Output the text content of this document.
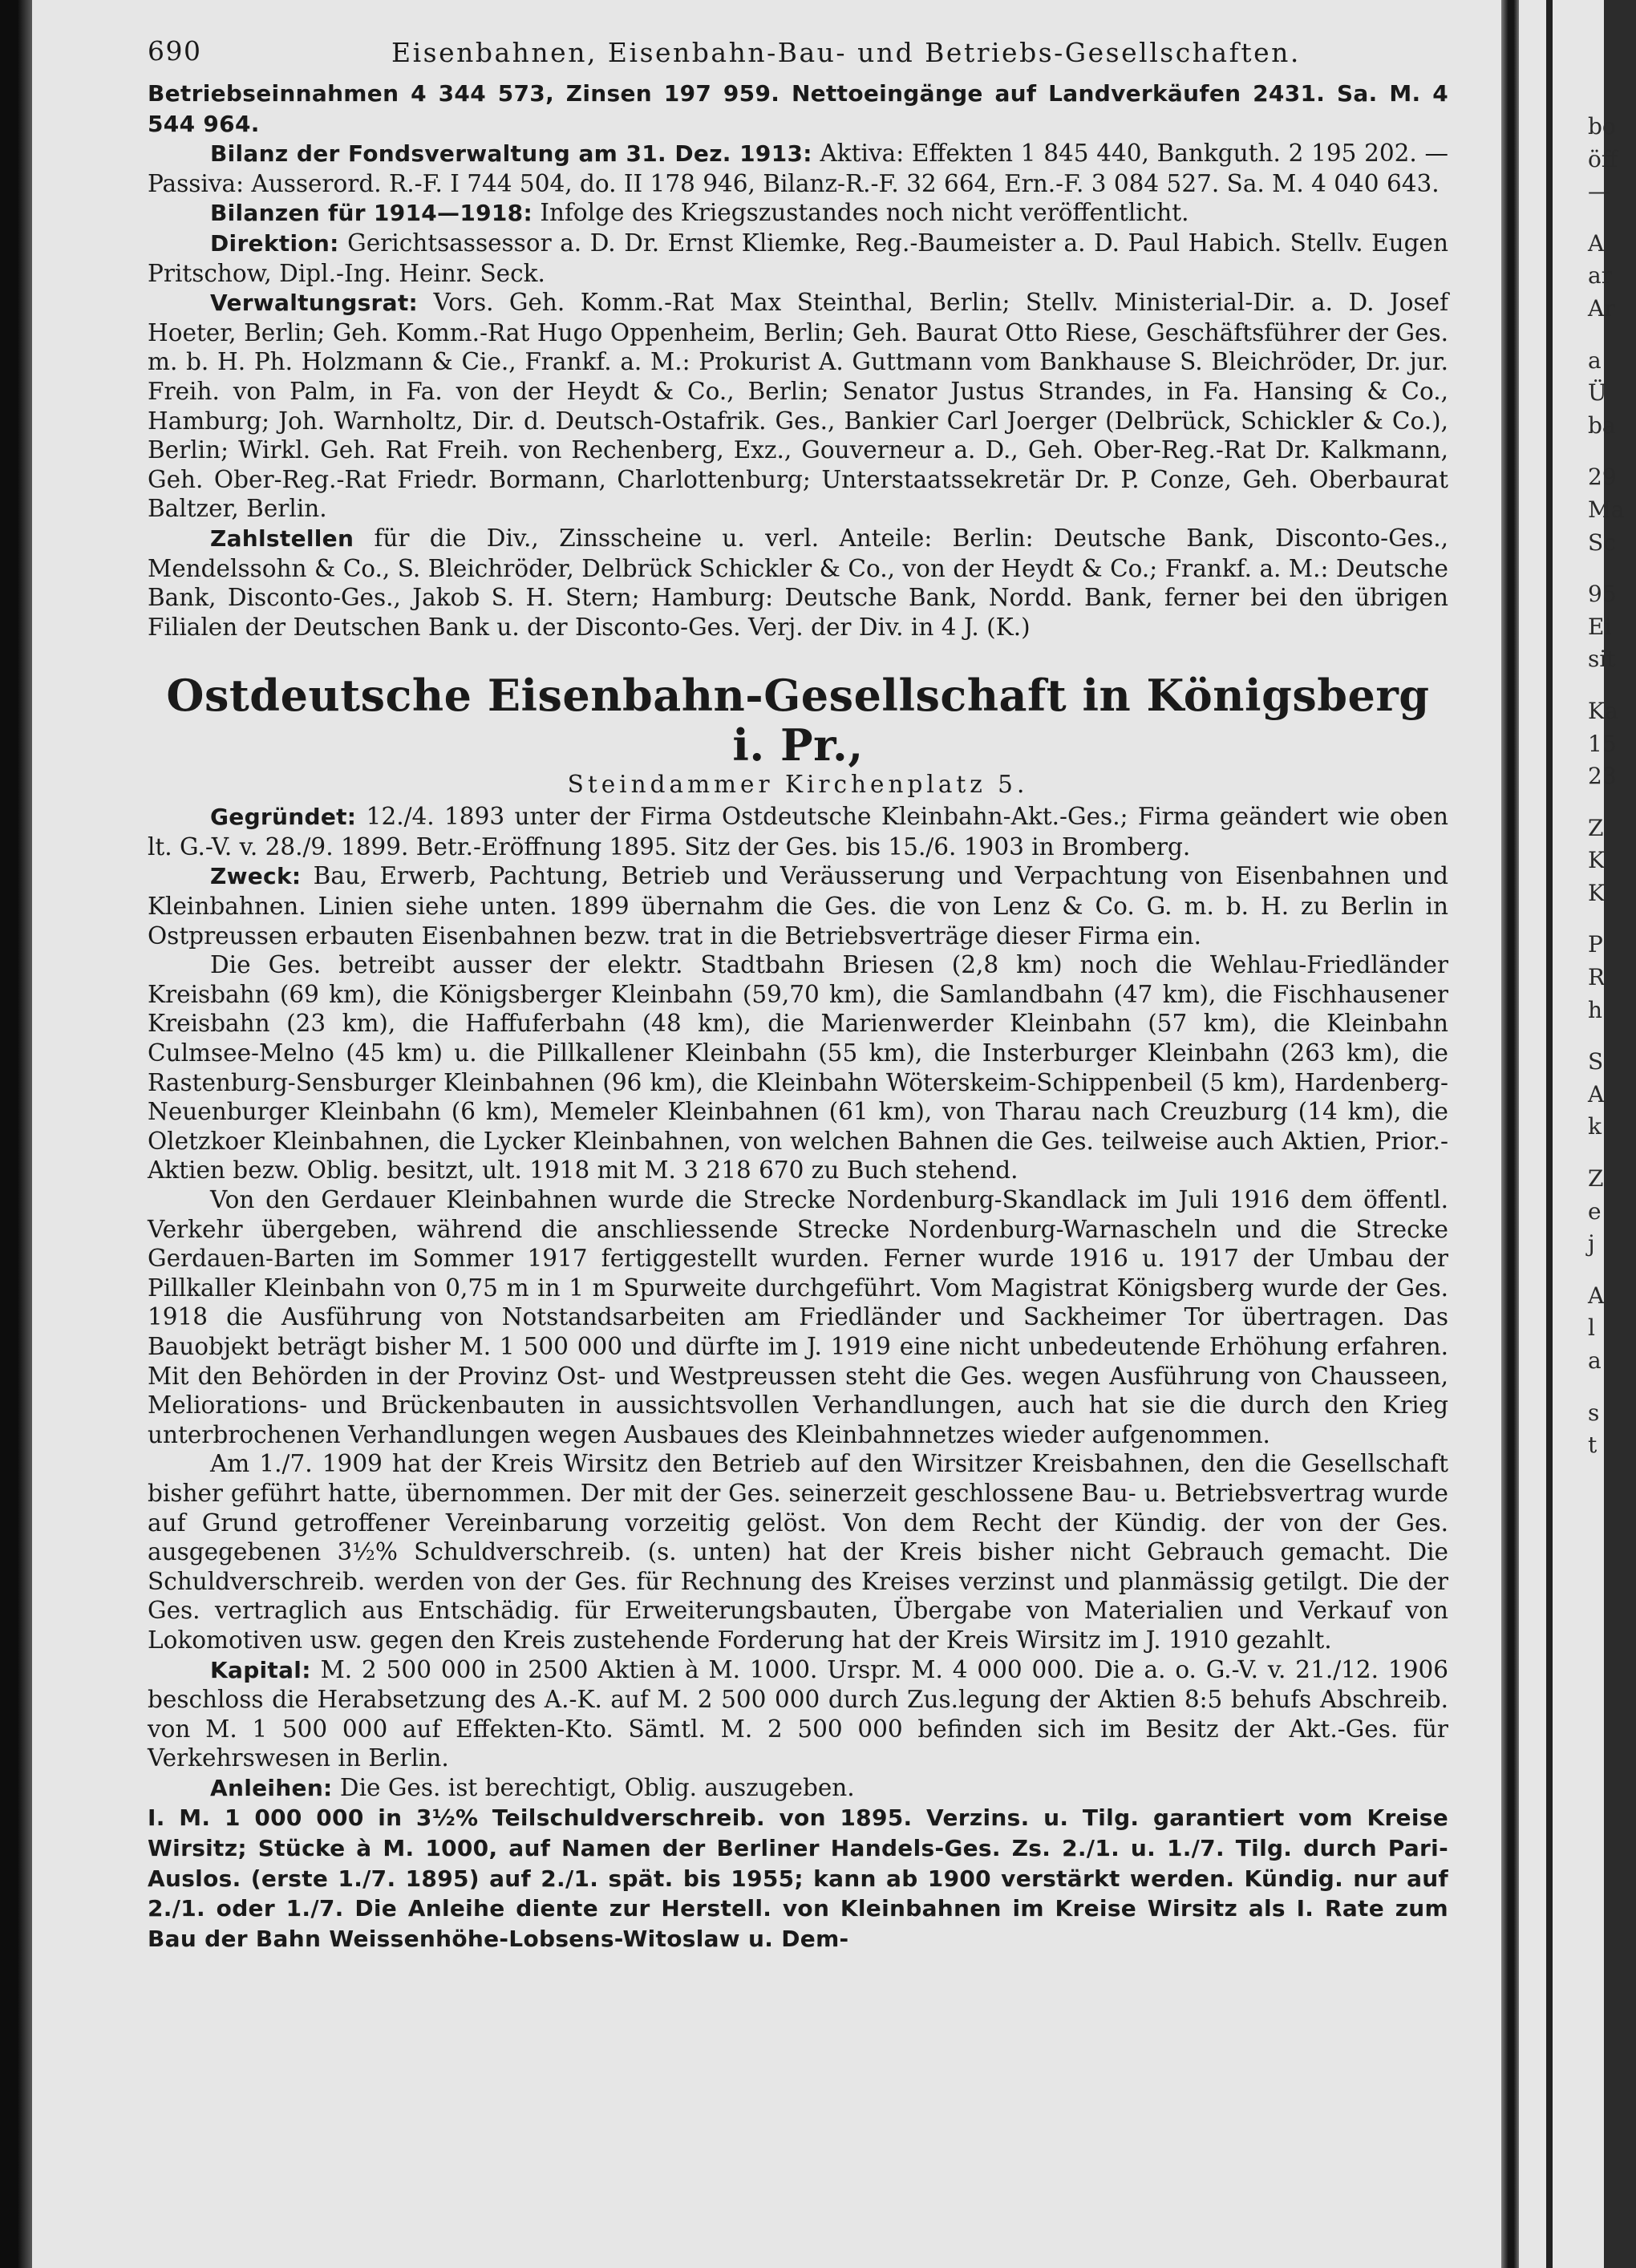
690	Eisenbahnen, Eisenbahn-Bau- und Betriebs-Gesellschaften.

Betriebseinnahmen 4 344 573, Zinsen 197 959. Nettoeingänge auf Landverkäufen 2431. Sa. M. 4 544 964.

Bilanz der Fondsverwaltung am 31. Dez. 1913: Aktiva: Effekten 1 845 440, Bankguth. 2 195 202. — Passiva: Ausserord. R.-F. I 744 504, do. II 178 946, Bilanz-R.-F. 32 664, Ern.-F. 3 084 527. Sa. M. 4 040 643.

Bilanzen für 1914—1918: Infolge des Kriegszustandes noch nicht veröffentlicht.

Direktion: Gerichtsassessor a. D. Dr. Ernst Kliemke, Reg.-Baumeister a. D. Paul Habich. Stellv. Eugen Pritschow, Dipl.-Ing. Heinr. Seck.

Verwaltungsrat: Vors. Geh. Komm.-Rat Max Steinthal, Berlin; Stellv. Ministerial-Dir. a. D. Josef Hoeter, Berlin; Geh. Komm.-Rat Hugo Oppenheim, Berlin; Geh. Baurat Otto Riese, Geschäftsführer der Ges. m. b. H. Ph. Holzmann & Cie., Frankf. a. M.: Prokurist A. Guttmann vom Bankhause S. Bleichröder, Dr. jur. Freih. von Palm, in Fa. von der Heydt & Co., Berlin; Senator Justus Strandes, in Fa. Hansing & Co., Hamburg; Joh. Warnholtz, Dir. d. Deutsch-Ostafrik. Ges., Bankier Carl Joerger (Delbrück, Schickler & Co.), Berlin; Wirkl. Geh. Rat Freih. von Rechenberg, Exz., Gouverneur a. D., Geh. Ober-Reg.-Rat Dr. Kalkmann, Geh. Ober-Reg.-Rat Friedr. Bormann, Charlottenburg; Unterstaatssekretär Dr. P. Conze, Geh. Oberbaurat Baltzer, Berlin.

Zahlstellen für die Div., Zinsscheine u. verl. Anteile: Berlin: Deutsche Bank, Disconto-Ges., Mendelssohn & Co., S. Bleichröder, Delbrück Schickler & Co., von der Heydt & Co.; Frankf. a. M.: Deutsche Bank, Disconto-Ges., Jakob S. H. Stern; Hamburg: Deutsche Bank, Nordd. Bank, ferner bei den übrigen Filialen der Deutschen Bank u. der Disconto-Ges. Verj. der Div. in 4 J. (K.)

Ostdeutsche Eisenbahn-Gesellschaft in Königsberg i. Pr.,
Steindammer Kirchenplatz 5.

Gegründet: 12./4. 1893 unter der Firma Ostdeutsche Kleinbahn-Akt.-Ges.; Firma geändert wie oben lt. G.-V. v. 28./9. 1899. Betr.-Eröffnung 1895. Sitz der Ges. bis 15./6. 1903 in Bromberg.

Zweck: Bau, Erwerb, Pachtung, Betrieb und Veräusserung und Verpachtung von Eisenbahnen und Kleinbahnen. Linien siehe unten. 1899 übernahm die Ges. die von Lenz & Co. G. m. b. H. zu Berlin in Ostpreussen erbauten Eisenbahnen bezw. trat in die Betriebsverträge dieser Firma ein.

Die Ges. betreibt ausser der elektr. Stadtbahn Briesen (2,8 km) noch die Wehlau-Friedländer Kreisbahn (69 km), die Königsberger Kleinbahn (59,70 km), die Samlandbahn (47 km), die Fischhausener Kreisbahn (23 km), die Haffuferbahn (48 km), die Marienwerder Kleinbahn (57 km), die Kleinbahn Culmsee-Melno (45 km) u. die Pillkallener Kleinbahn (55 km), die Insterburger Kleinbahn (263 km), die Rastenburg-Sensburger Kleinbahnen (96 km), die Kleinbahn Wöterskeim-Schippenbeil (5 km), Hardenberg-Neuenburger Kleinbahn (6 km), Memeler Kleinbahnen (61 km), von Tharau nach Creuzburg (14 km), die Oletzkoer Kleinbahnen, die Lycker Kleinbahnen, von welchen Bahnen die Ges. teilweise auch Aktien, Prior.-Aktien bezw. Oblig. besitzt, ult. 1918 mit M. 3 218 670 zu Buch stehend.

Von den Gerdauer Kleinbahnen wurde die Strecke Nordenburg-Skandlack im Juli 1916 dem öffentl. Verkehr übergeben, während die anschliessende Strecke Nordenburg-Warnascheln und die Strecke Gerdauen-Barten im Sommer 1917 fertiggestellt wurden. Ferner wurde 1916 u. 1917 der Umbau der Pillkaller Kleinbahn von 0,75 m in 1 m Spurweite durchgeführt. Vom Magistrat Königsberg wurde der Ges. 1918 die Ausführung von Notstandsarbeiten am Friedländer und Sackheimer Tor übertragen. Das Bauobjekt beträgt bisher M. 1 500 000 und dürfte im J. 1919 eine nicht unbedeutende Erhöhung erfahren. Mit den Behörden in der Provinz Ost- und Westpreussen steht die Ges. wegen Ausführung von Chausseen, Meliorations- und Brückenbauten in aussichtsvollen Verhandlungen, auch hat sie die durch den Krieg unterbrochenen Verhandlungen wegen Ausbaues des Kleinbahnnetzes wieder aufgenommen.

Am 1./7. 1909 hat der Kreis Wirsitz den Betrieb auf den Wirsitzer Kreisbahnen, den die Gesellschaft bisher geführt hatte, übernommen. Der mit der Ges. seinerzeit geschlossene Bau- u. Betriebsvertrag wurde auf Grund getroffener Vereinbarung vorzeitig gelöst. Von dem Recht der Kündig. der von der Ges. ausgegebenen 3½% Schuldverschreib. (s. unten) hat der Kreis bisher nicht Gebrauch gemacht. Die Schuldverschreib. werden von der Ges. für Rechnung des Kreises verzinst und planmässig getilgt. Die der Ges. vertraglich aus Entschädig. für Erweiterungsbauten, Übergabe von Materialien und Verkauf von Lokomotiven usw. gegen den Kreis zustehende Forderung hat der Kreis Wirsitz im J. 1910 gezahlt.

Kapital: M. 2 500 000 in 2500 Aktien à M. 1000. Urspr. M. 4 000 000. Die a. o. G.-V. v. 21./12. 1906 beschloss die Herabsetzung des A.-K. auf M. 2 500 000 durch Zus.legung der Aktien 8:5 behufs Abschreib. von M. 1 500 000 auf Effekten-Kto. Sämtl. M. 2 500 000 befinden sich im Besitz der Akt.-Ges. für Verkehrswesen in Berlin.

Anleihen: Die Ges. ist berechtigt, Oblig. auszugeben.

I. M. 1 000 000 in 3½% Teilschuldverschreib. von 1895. Verzins. u. Tilg. garantiert vom Kreise Wirsitz; Stücke à M. 1000, auf Namen der Berliner Handels-Ges. Zs. 2./1. u. 1./7. Tilg. durch Pari-Auslos. (erste 1./7. 1895) auf 2./1. spät. bis 1955; kann ab 1900 verstärkt werden. Kündig. nur auf 2./1. oder 1./7. Die Anleihe diente zur Herstell. von Kleinbahnen im Kreise Wirsitz als I. Rate zum Bau der Bahn Weissenhöhe-Lobsens-Witoslaw u. Dem-

bo
öff
—
A
ar
Ar
a
Ü
ba
29
Ma
Sc
95
Ei
sit
Ka
15
23
Z
K
K
P
R
h
S
A
k
Z
e
j
A
l
a
s
t
